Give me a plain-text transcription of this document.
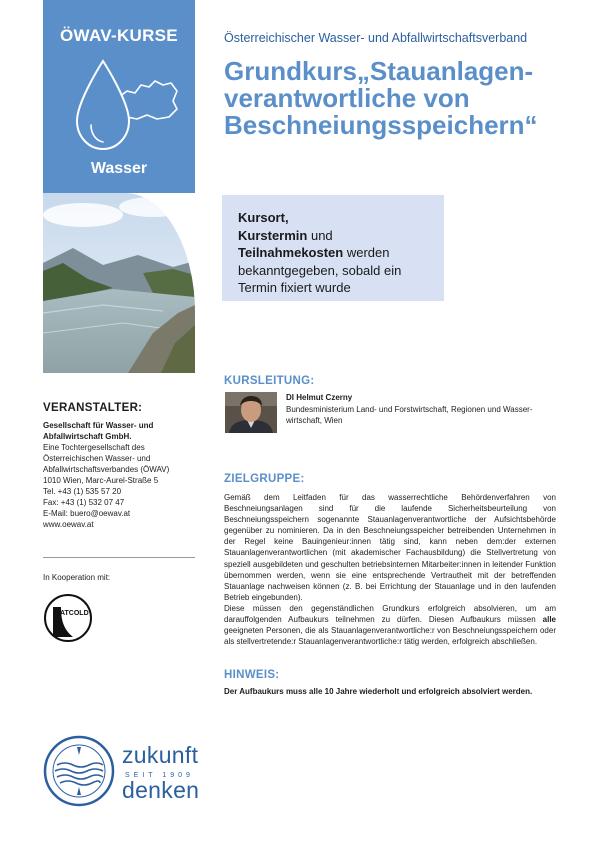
ÖWAV-KURSE
Wasser
Österreichischer Wasser- und Abfallwirtschaftsverband
Grundkurs„Stauanlagen-
verantwortliche von
Beschneiungsspeichern“
Kursort,
Kurstermin und
Teilnahmekosten werden
bekanntgegeben, sobald ein
Termin fixiert wurde
KURSLEITUNG:
DI Helmut Czerny
Bundesministerium Land- und Forstwirtschaft, Regionen und Wasser-
wirtschaft, Wien
ZIELGRUPPE:

Gemäß dem Leitfaden für das wasserrechtliche Behördenverfahren von Beschneiungsanlagen sind für die laufende Sicherheitsbeurteilung von Beschneiungsspeichern sogenannte Stauanlagenverantwortliche der Aufsichtsbehörde gegenüber zu nominieren. Da in den Beschneiungsspeicher betreibenden Unternehmen in der Regel keine Bauingenieur:innen tätig sind, kann neben dem:der externen Stauanlagenverantwortlichen (mit akademischer Fachausbildung) die Stellvertretung von speziell ausgebildeten und geschulten betriebsinternen Mitarbeiter:innen in leitender Funktion übernommen werden, wenn sie eine entsprechende Vertrautheit mit der betreffenden Stauanlage nachweisen können (z. B. bei Errichtung der Stauanlage und in den laufenden Betrieb eingebunden).

Diese müssen den gegenständlichen Grundkurs erfolgreich absolvieren, um am darauffolgenden Aufbaukurs teilnehmen zu dürfen. Diesen Aufbaukurs müssen alle geeigneten Personen, die als Stauanlagenverantwortliche:r von Beschneiungsspeichern oder als stellvertretende:r Stauanlagenverantwortliche:r tätig werden, erfolgreich abschließen.

HINWEIS:
Der Aufbaukurs muss alle 10 Jahre wiederholt und erfolgreich absolviert werden.
VERANSTALTER:
Gesellschaft für Wasser- und
Abfallwirtschaft GmbH.
Eine Tochtergesellschaft des
Österreichischen Wasser- und
Abfallwirtschaftsverbandes (ÖWAV)
1010 Wien, Marc-Aurel-Straße 5
Tel. +43 (1) 535 57 20
Fax: +43 (1) 532 07 47
E-Mail: buero@oewav.at
www.oewav.at
In Kooperation mit:
ATCOLD
zukunft
SEIT 1909
denken
